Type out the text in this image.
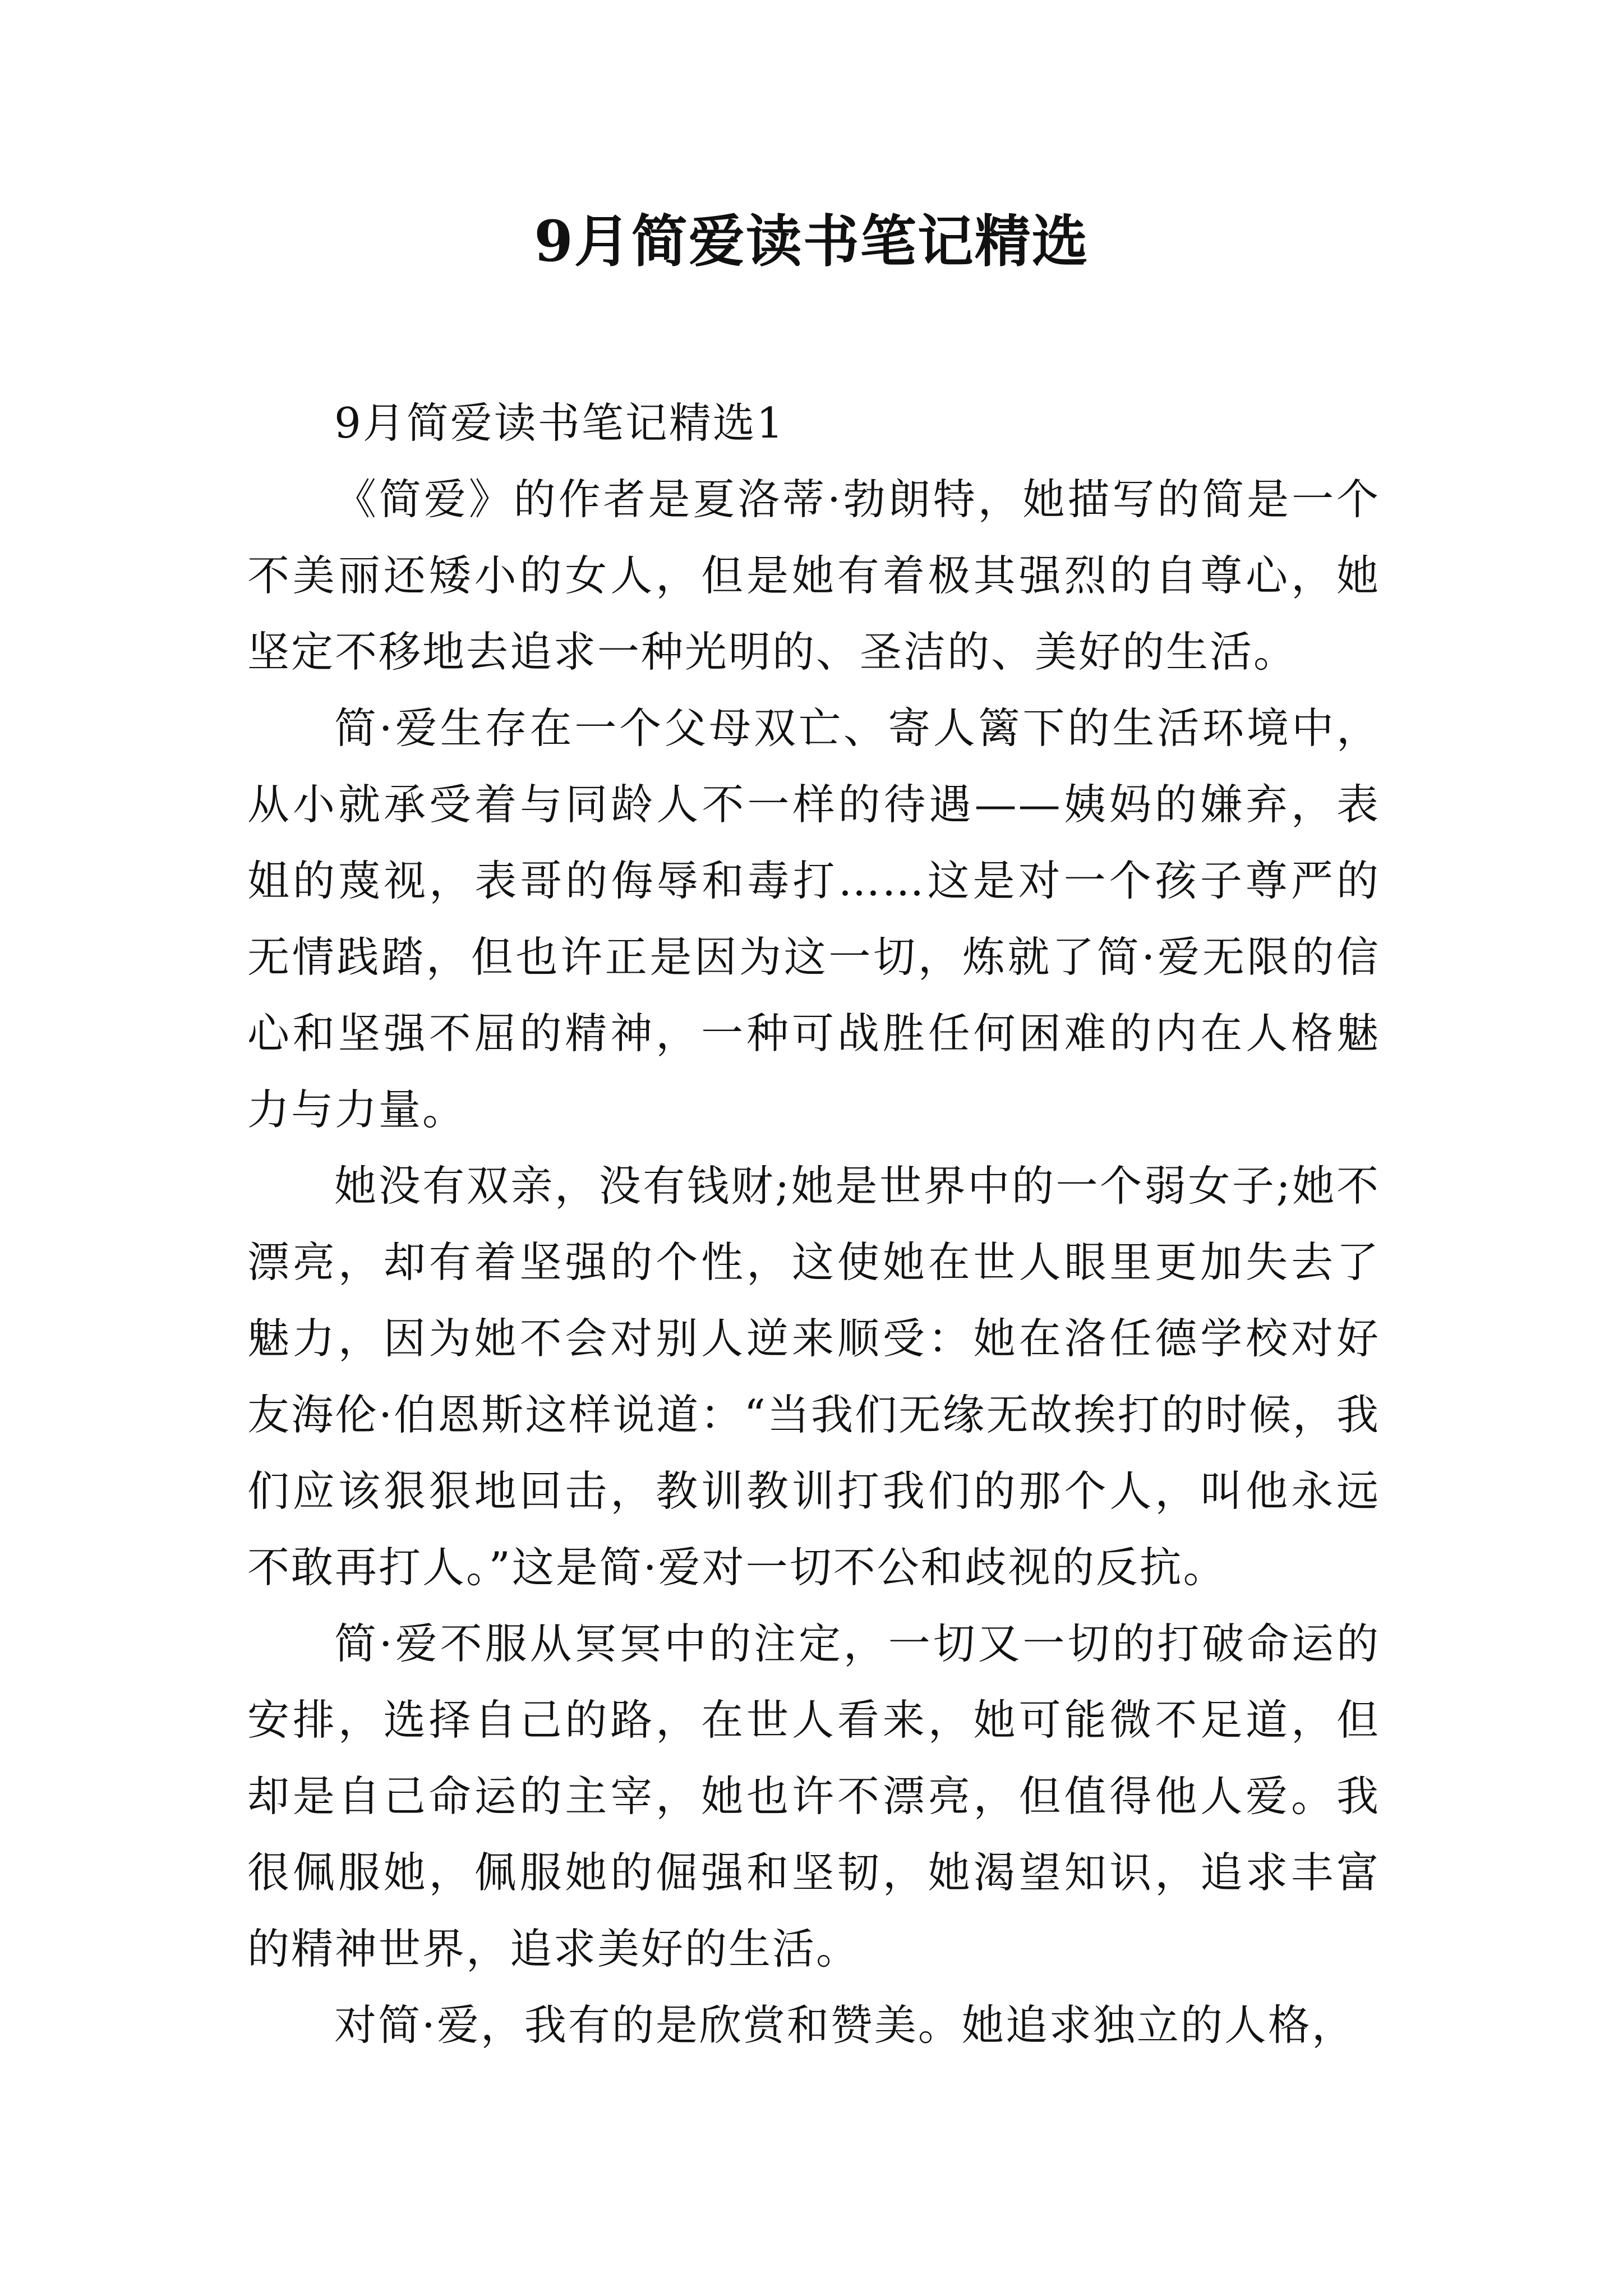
9月简爱读书笔记精选
9月简爱读书笔记精选1

《简爱》的作者是夏洛蒂·勃朗特，她描写的简是一个不美丽还矮小的女人，但是她有着极其强烈的自尊心，她坚定不移地去追求一种光明的、圣洁的、美好的生活。

简·爱生存在一个父母双亡、寄人篱下的生活环境中，从小就承受着与同龄人不一样的待遇——姨妈的嫌弃，表姐的蔑视，表哥的侮辱和毒打……这是对一个孩子尊严的无情践踏，但也许正是因为这一切，炼就了简·爱无限的信心和坚强不屈的精神，一种可战胜任何困难的内在人格魅力与力量。

她没有双亲，没有钱财;她是世界中的一个弱女子;她不漂亮，却有着坚强的个性，这使她在世人眼里更加失去了魅力，因为她不会对别人逆来顺受：她在洛任德学校对好友海伦·伯恩斯这样说道：“当我们无缘无故挨打的时候，我们应该狠狠地回击，教训教训打我们的那个人，叫他永远不敢再打人。”这是简·爱对一切不公和歧视的反抗。

简·爱不服从冥冥中的注定，一切又一切的打破命运的安排，选择自己的路，在世人看来，她可能微不足道，但却是自己命运的主宰，她也许不漂亮，但值得他人爱。我很佩服她，佩服她的倔强和坚韧，她渴望知识，追求丰富的精神世界，追求美好的生活。

对简·爱，我有的是欣赏和赞美。她追求独立的人格，
